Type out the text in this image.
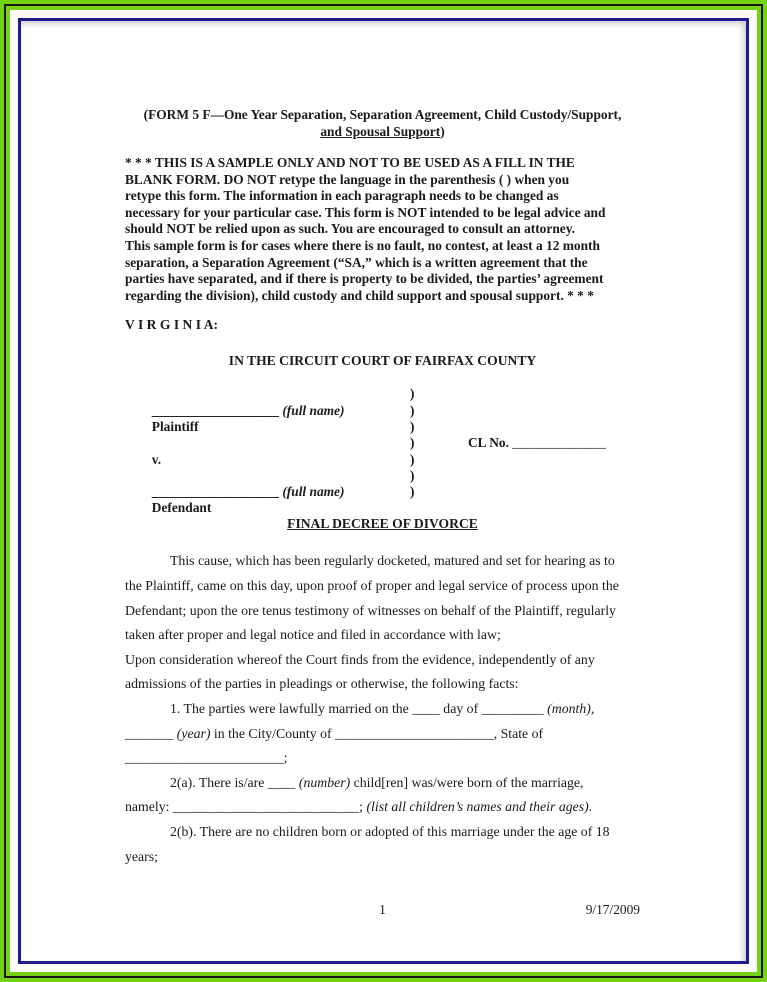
(FORM 5 F—One Year Separation, Separation Agreement, Child Custody/Support,
and Spousal Support)
* * * THIS IS A SAMPLE ONLY AND NOT TO BE USED AS A FILL IN THE
BLANK FORM. DO NOT retype the language in the parenthesis ( ) when you
retype this form. The information in each paragraph needs to be changed as
necessary for your particular case. This form is NOT intended to be legal advice and
should NOT be relied upon as such. You are encouraged to consult an attorney.
This sample form is for cases where there is no fault, no contest, at least a 12 month
separation, a Separation Agreement (“SA,” which is a written agreement that the
parties have separated, and if there is property to be divided, the parties’ agreement
regarding the division), child custody and child support and spousal support. * * *
V I R G I N I A:
IN THE CIRCUIT COURT OF FAIRFAX COUNTY

___________________ (full name)

)

Plaintiff

)

)

v.

)

	CL No. ______________

)

___________________ (full name)

)

Defendant

)

FINAL DECREE OF DIVORCE
This cause, which has been regularly docketed, matured and set for hearing as to
the Plaintiff, came on this day, upon proof of proper and legal service of process upon the
Defendant; upon the ore tenus testimony of witnesses on behalf of the Plaintiff, regularly
taken after proper and legal notice and filed in accordance with law;
Upon consideration whereof the Court finds from the evidence, independently of any
admissions of the parties in pleadings or otherwise, the following facts:
1. The parties were lawfully married on the ____ day of _________ (month),
_______ (year) in the City/County of _______________________, State of
_______________________;
2(a). There is/are ____ (number) child[ren] was/were born of the marriage,
namely: ___________________________; (list all children’s names and their ages).
2(b). There are no children born or adopted of this marriage under the age of 18
years;
1	9/17/2009
